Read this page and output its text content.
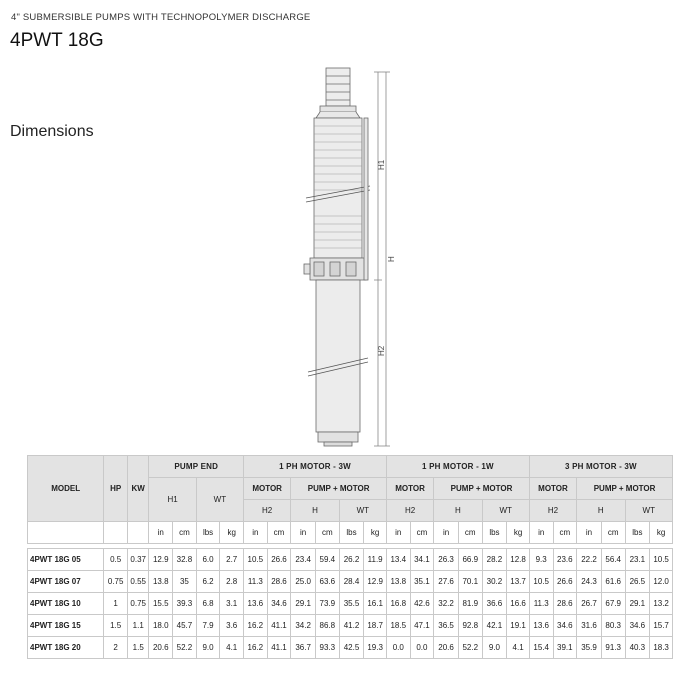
4" SUBMERSIBLE PUMPS WITH TECHNOPOLYMER DISCHARGE
4PWT 18G
Dimensions
H1
H
H2
MODEL	HP	KW	PUMP END				1 PH MOTOR - 3W						1 PH MOTOR - 1W						3 PH MOTOR - 3W					
			H1		WT		MOTOR		PUMP + MOTOR				MOTOR		PUMP + MOTOR				MOTOR		PUMP + MOTOR			
							H2		H		WT		H2		H		WT		H2		H		WT	
			in	cm	lbs	kg	in	cm	in	cm	lbs	kg	in	cm	in	cm	lbs	kg	in	cm	in	cm	lbs	kg

4PWT 18G 05	0.5	0.37	12.9	32.8	6.0	2.7	10.5	26.6	23.4	59.4	26.2	11.9	13.4	34.1	26.3	66.9	28.2	12.8	9.3	23.6	22.2	56.4	23.1	10.5
4PWT 18G 07	0.75	0.55	13.8	35	6.2	2.8	11.3	28.6	25.0	63.6	28.4	12.9	13.8	35.1	27.6	70.1	30.2	13.7	10.5	26.6	24.3	61.6	26.5	12.0
4PWT 18G 10	1	0.75	15.5	39.3	6.8	3.1	13.6	34.6	29.1	73.9	35.5	16.1	16.8	42.6	32.2	81.9	36.6	16.6	11.3	28.6	26.7	67.9	29.1	13.2
4PWT 18G 15	1.5	1.1	18.0	45.7	7.9	3.6	16.2	41.1	34.2	86.8	41.2	18.7	18.5	47.1	36.5	92.8	42.1	19.1	13.6	34.6	31.6	80.3	34.6	15.7
4PWT 18G 20	2	1.5	20.6	52.2	9.0	4.1	16.2	41.1	36.7	93.3	42.5	19.3	0.0	0.0	20.6	52.2	9.0	4.1	15.4	39.1	35.9	91.3	40.3	18.3
